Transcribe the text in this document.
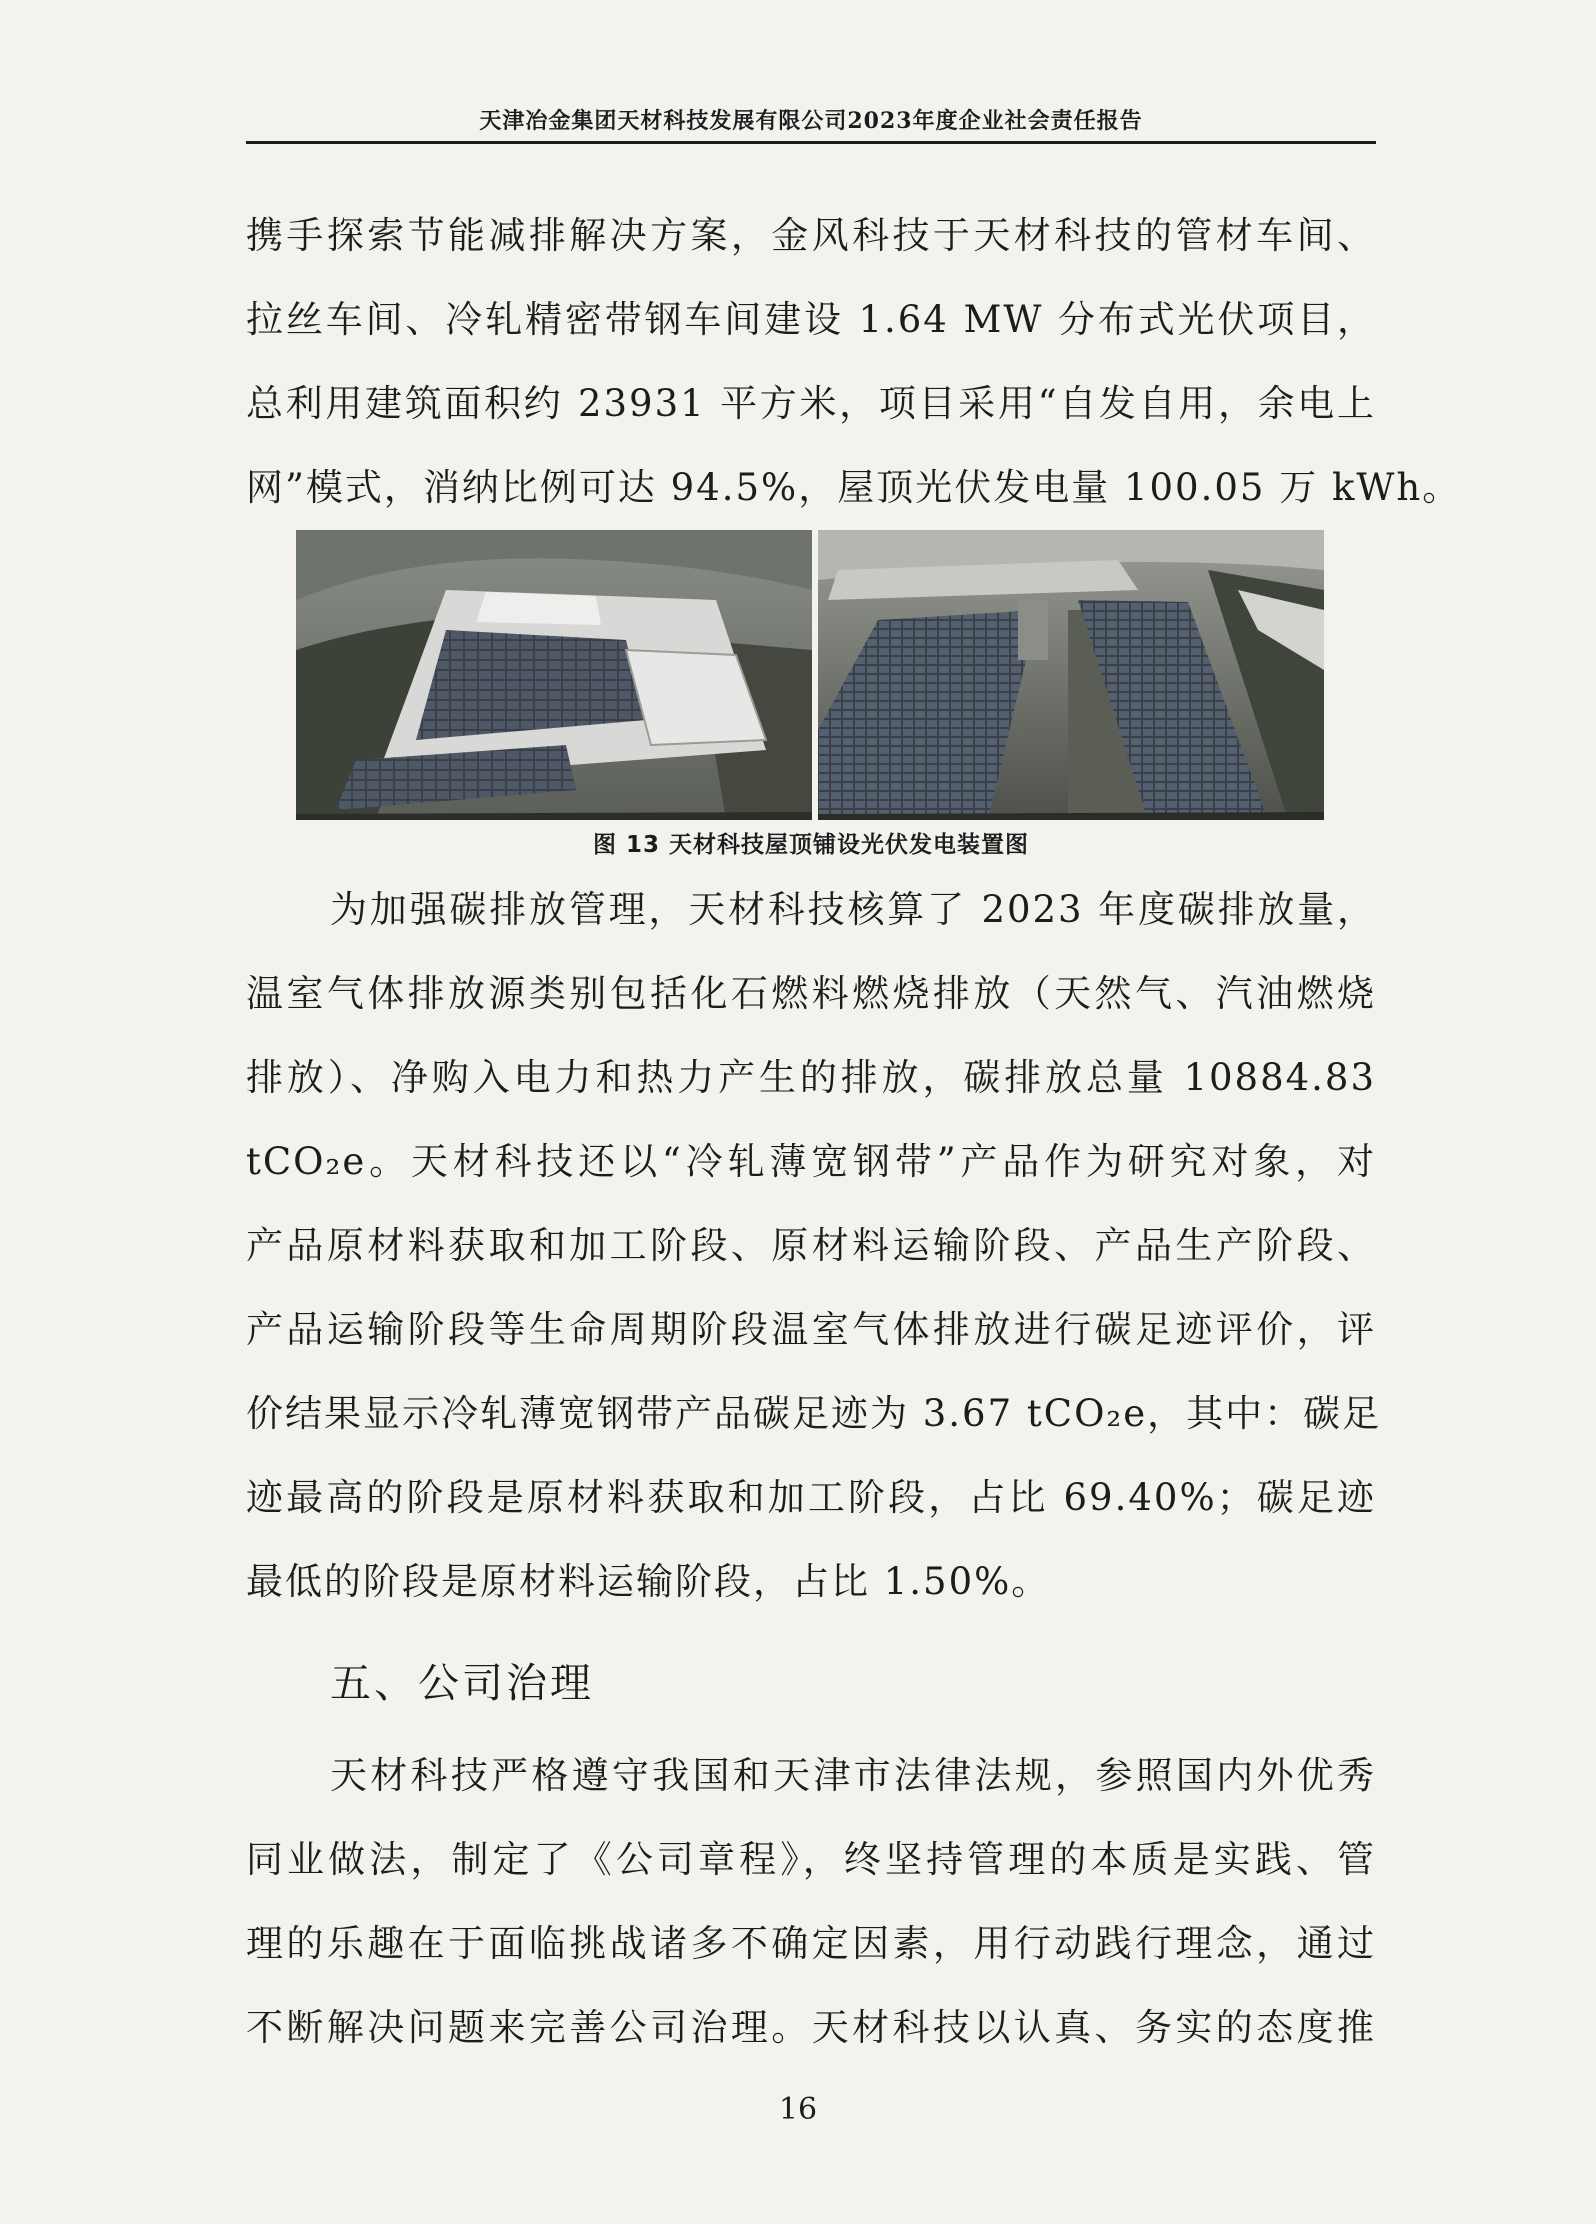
天津冶金集团天材科技发展有限公司2023年度企业社会责任报告

携手探索节能减排解决方案，金风科技于天材科技的管材车间、
拉丝车间、冷轧精密带钢车间建设 1.64 MW 分布式光伏项目，
总利用建筑面积约 23931 平方米，项目采用“自发自用，余电上
网”模式，消纳比例可达 94.5%，屋顶光伏发电量 100.05 万 kWh。

图 13 天材科技屋顶铺设光伏发电装置图

为加强碳排放管理，天材科技核算了 2023 年度碳排放量，
温室气体排放源类别包括化石燃料燃烧排放（天然气、汽油燃烧
排放）、净购入电力和热力产生的排放，碳排放总量 10884.83
tCO₂e。天材科技还以“冷轧薄宽钢带”产品作为研究对象，对
产品原材料获取和加工阶段、原材料运输阶段、产品生产阶段、
产品运输阶段等生命周期阶段温室气体排放进行碳足迹评价，评
价结果显示冷轧薄宽钢带产品碳足迹为 3.67 tCO₂e，其中：碳足
迹最高的阶段是原材料获取和加工阶段，占比 69.40%；碳足迹
最低的阶段是原材料运输阶段，占比 1.50%。

五、公司治理

天材科技严格遵守我国和天津市法律法规，参照国内外优秀
同业做法，制定了《公司章程》，终坚持管理的本质是实践、管
理的乐趣在于面临挑战诸多不确定因素，用行动践行理念，通过
不断解决问题来完善公司治理。天材科技以认真、务实的态度推

16
